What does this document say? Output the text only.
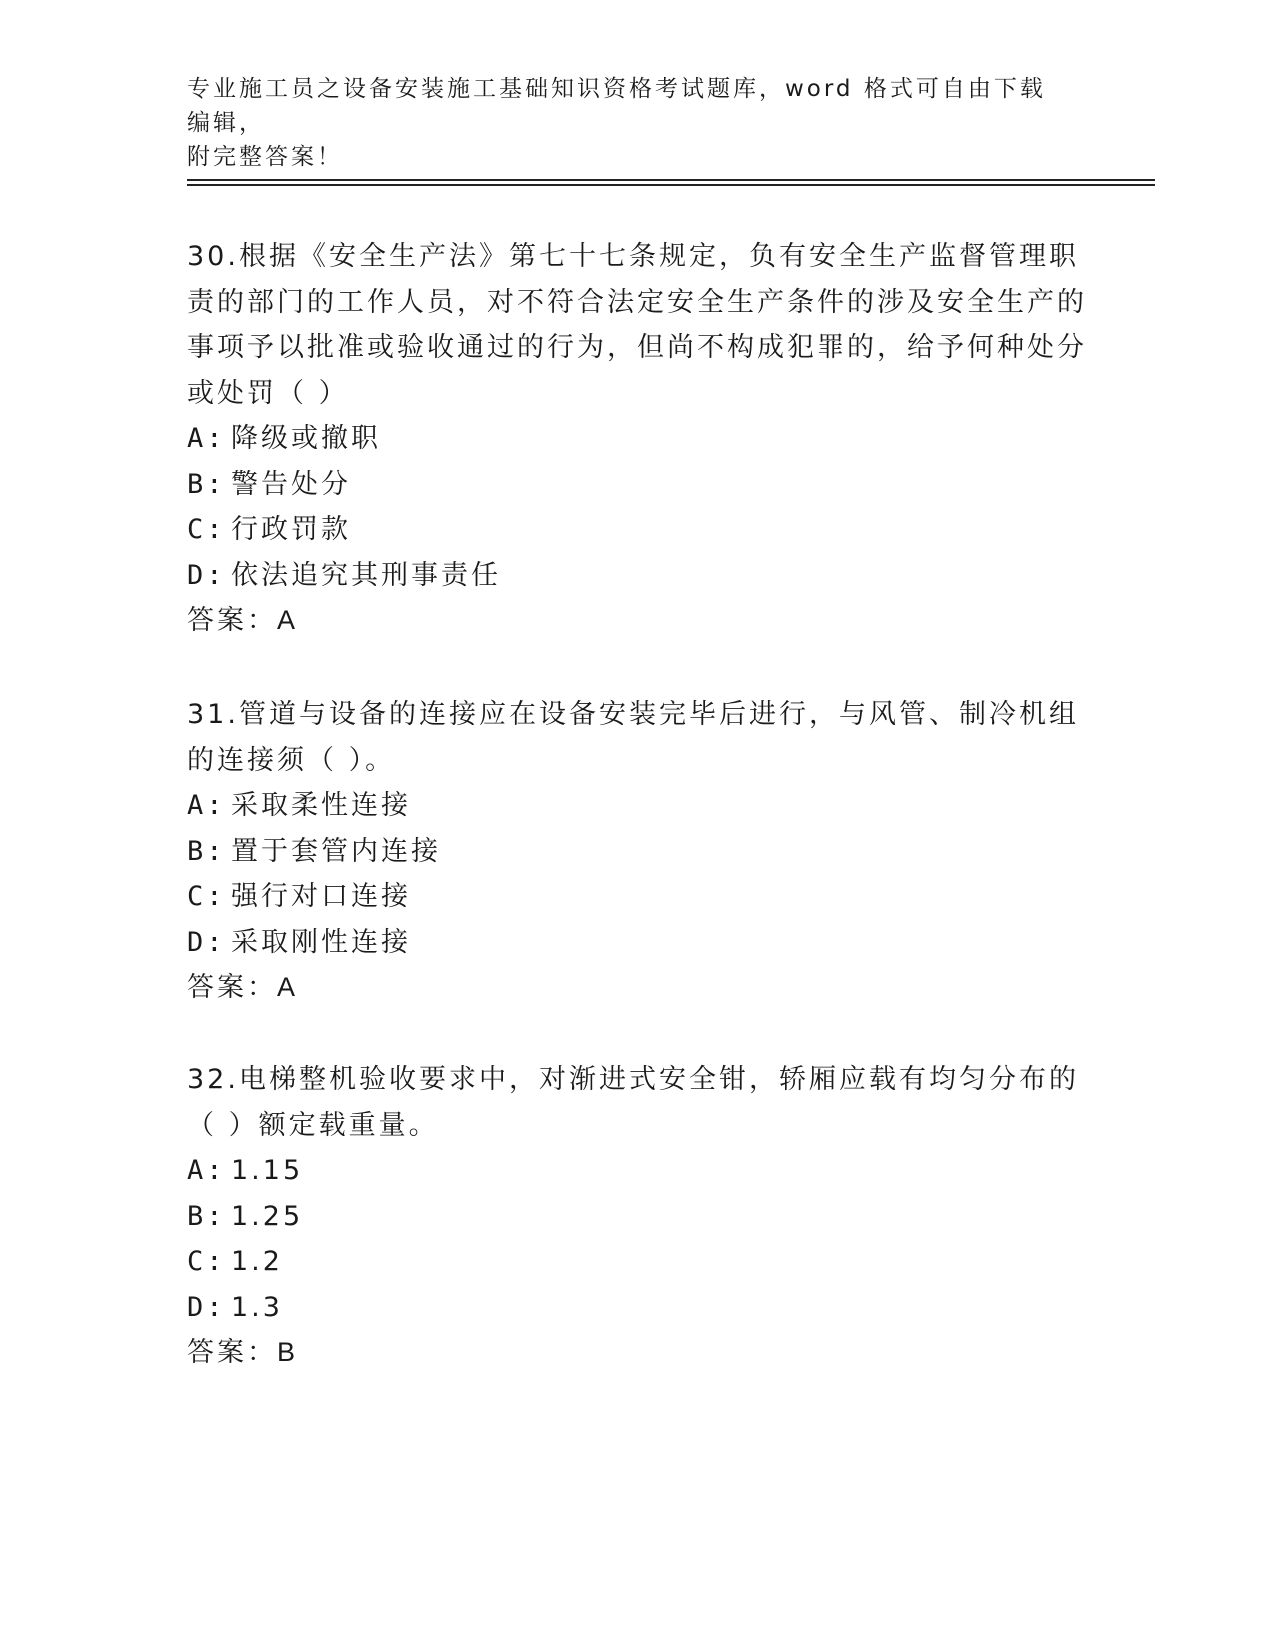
专业施工员之设备安装施工基础知识资格考试题库，word 格式可自由下载编辑，
附完整答案！

30.根据《安全生产法》第七十七条规定，负有安全生产监督管理职责的部门的工作人员，对不符合法定安全生产条件的涉及安全生产的事项予以批准或验收通过的行为，但尚不构成犯罪的，给予何种处分或处罚（ ）

A: 降级或撤职

B: 警告处分

C: 行政罚款

D: 依法追究其刑事责任

答案：A

31.管道与设备的连接应在设备安装完毕后进行，与风管、制冷机组的连接须（ ）。

A: 采取柔性连接

B: 置于套管内连接

C: 强行对口连接

D: 采取刚性连接

答案：A

32.电梯整机验收要求中，对渐进式安全钳，轿厢应载有均匀分布的（ ）额定载重量。

A: 1.15

B: 1.25

C: 1.2

D: 1.3

答案：B
